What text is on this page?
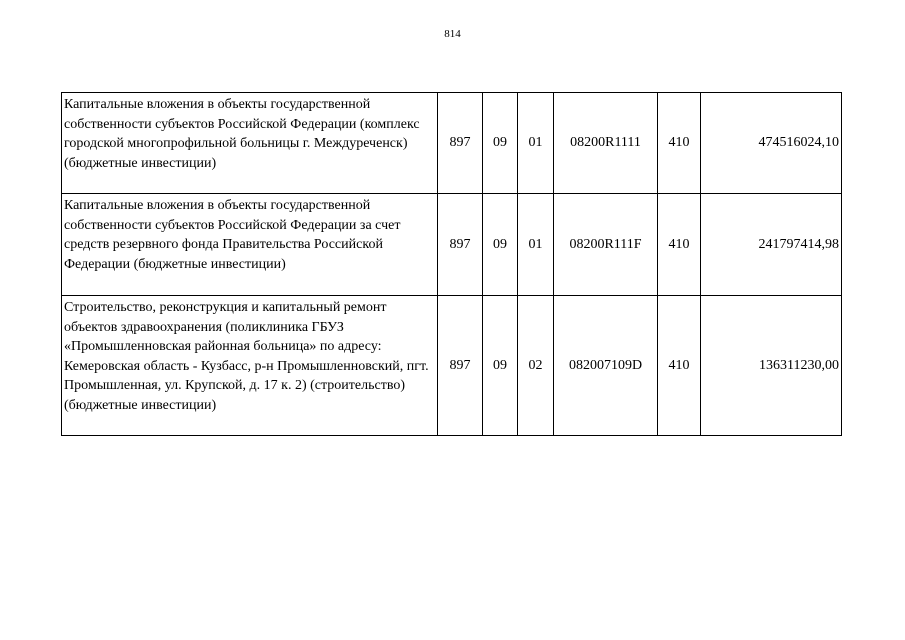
814
Капитальные вложения в объекты государственной собственности субъектов Российской Федерации (комплекс городской многопрофильной больницы г. Междуреченск) (бюджетные инвестиции)	897	09	01	08200R1111	410	474516024,10
Капитальные вложения в объекты государственной собственности субъектов Российской Федерации за счет средств резервного фонда Правительства Российской Федерации (бюджетные инвестиции)	897	09	01	08200R111F	410	241797414,98
Строительство, реконструкция и капитальный ремонт объектов здравоохранения (поликлиника ГБУЗ «Промышленновская районная больница» по адресу: Кемеровская область - Кузбасс, р-н Промышленновский, пгт. Промышленная, ул. Крупской, д. 17 к. 2) (строительство) (бюджетные инвестиции)	897	09	02	082007109D	410	136311230,00
